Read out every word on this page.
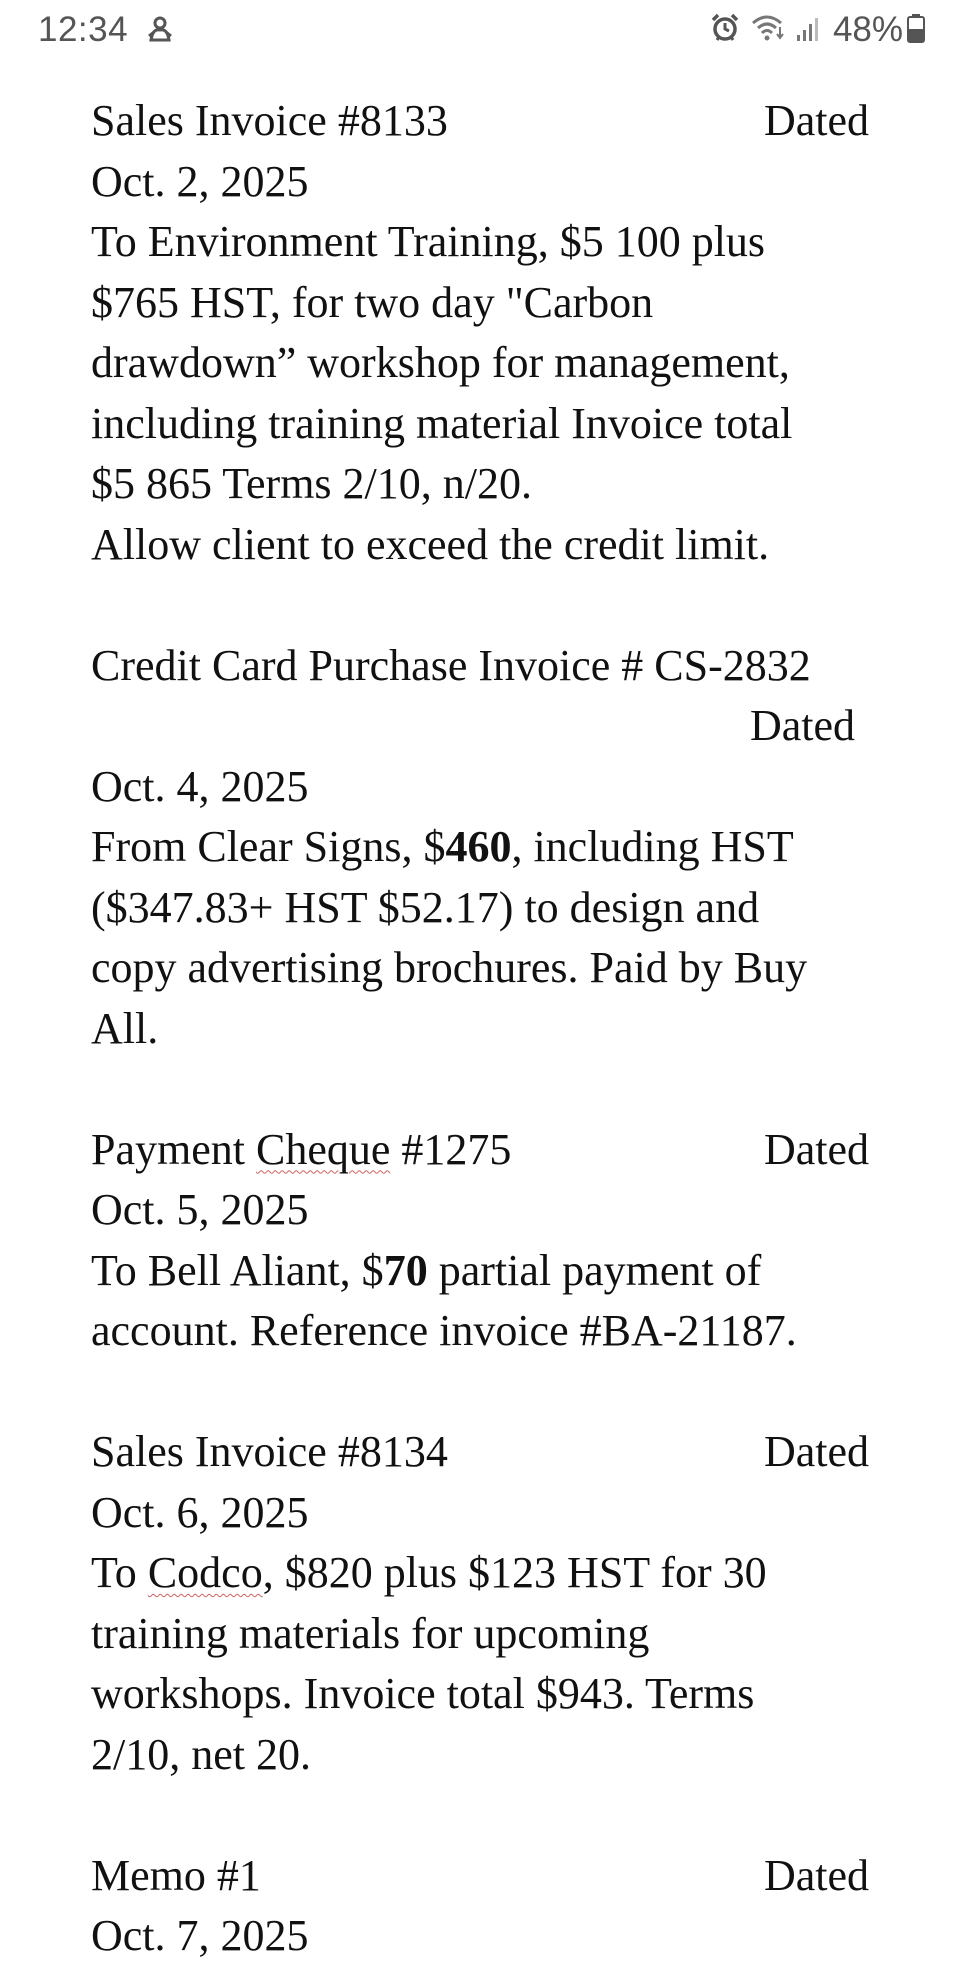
12:34	48%
Sales Invoice #8133	Dated
Oct. 2, 2025
To Environment Training, $5 100 plus
$765 HST, for two day "Carbon
drawdown” workshop for management,
including training material Invoice total
$5 865 Terms 2/10, n/20.
Allow client to exceed the credit limit.
Credit Card Purchase Invoice # CS-2832
Dated
Oct. 4, 2025
From Clear Signs, $460, including HST
($347.83+ HST $52.17) to design and
copy advertising brochures. Paid by Buy
All.
Payment Cheque #1275	Dated
Oct. 5, 2025
To Bell Aliant, $70 partial payment of
account. Reference invoice #BA-21187.
Sales Invoice #8134	Dated
Oct. 6, 2025
To Codco, $820 plus $123 HST for 30
training materials for upcoming
workshops. Invoice total $943. Terms
2/10, net 20.
Memo #1	Dated
Oct. 7, 2025
